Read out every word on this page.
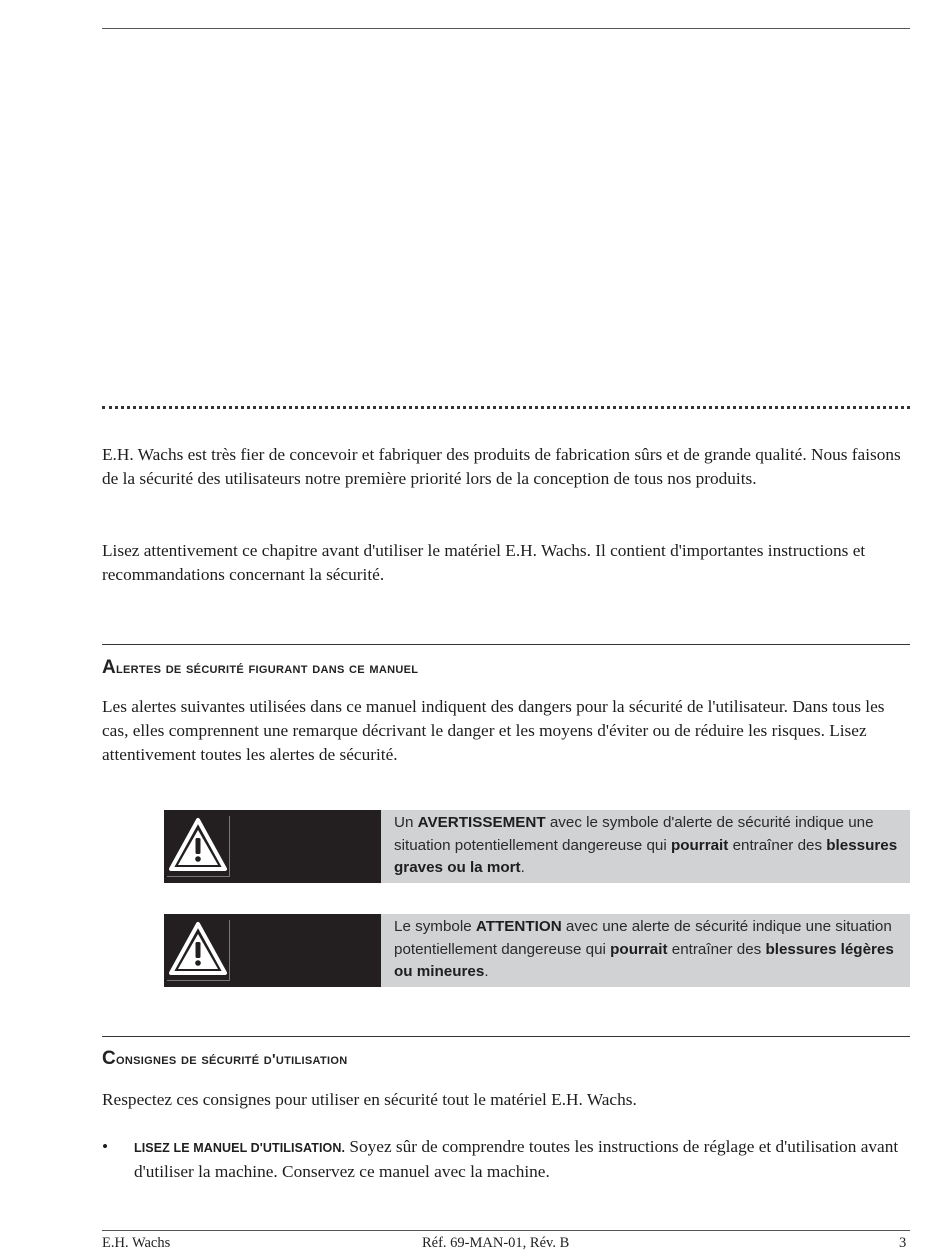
E.H. Wachs est très fier de concevoir et fabriquer des produits de fabrication sûrs et de grande qualité. Nous faisons de la sécurité des utilisateurs notre première priorité lors de la conception de tous nos produits.

Lisez attentivement ce chapitre avant d'utiliser le matériel E.H. Wachs. Il contient d'importantes instructions et recommandations concernant la sécurité.

Alertes de sécurité figurant dans ce manuel

Les alertes suivantes utilisées dans ce manuel indiquent des dangers pour la sécurité de l'utilisateur. Dans tous les cas, elles comprennent une remarque décrivant le danger et les moyens d'éviter ou de réduire les risques. Lisez attentivement toutes les alertes de sécurité.

Un AVERTISSEMENT avec le symbole d'alerte de sécurité indique une situation potentiellement dangereuse qui pourrait entraîner des blessures graves ou la mort.
Le symbole ATTENTION avec une alerte de sécurité indique une situation potentiellement dangereuse qui pourrait entraîner des blessures légères ou mineures.
Consignes de sécurité d'utilisation

Respectez ces consignes pour utiliser en sécurité tout le matériel E.H. Wachs.

• LISEZ LE MANUEL D'UTILISATION. Soyez sûr de comprendre toutes les instructions de réglage et d'utilisation avant d'utiliser la machine. Conservez ce manuel avec la machine.

E.H. Wachs	Réf. 69-MAN-01, Rév. B	3
